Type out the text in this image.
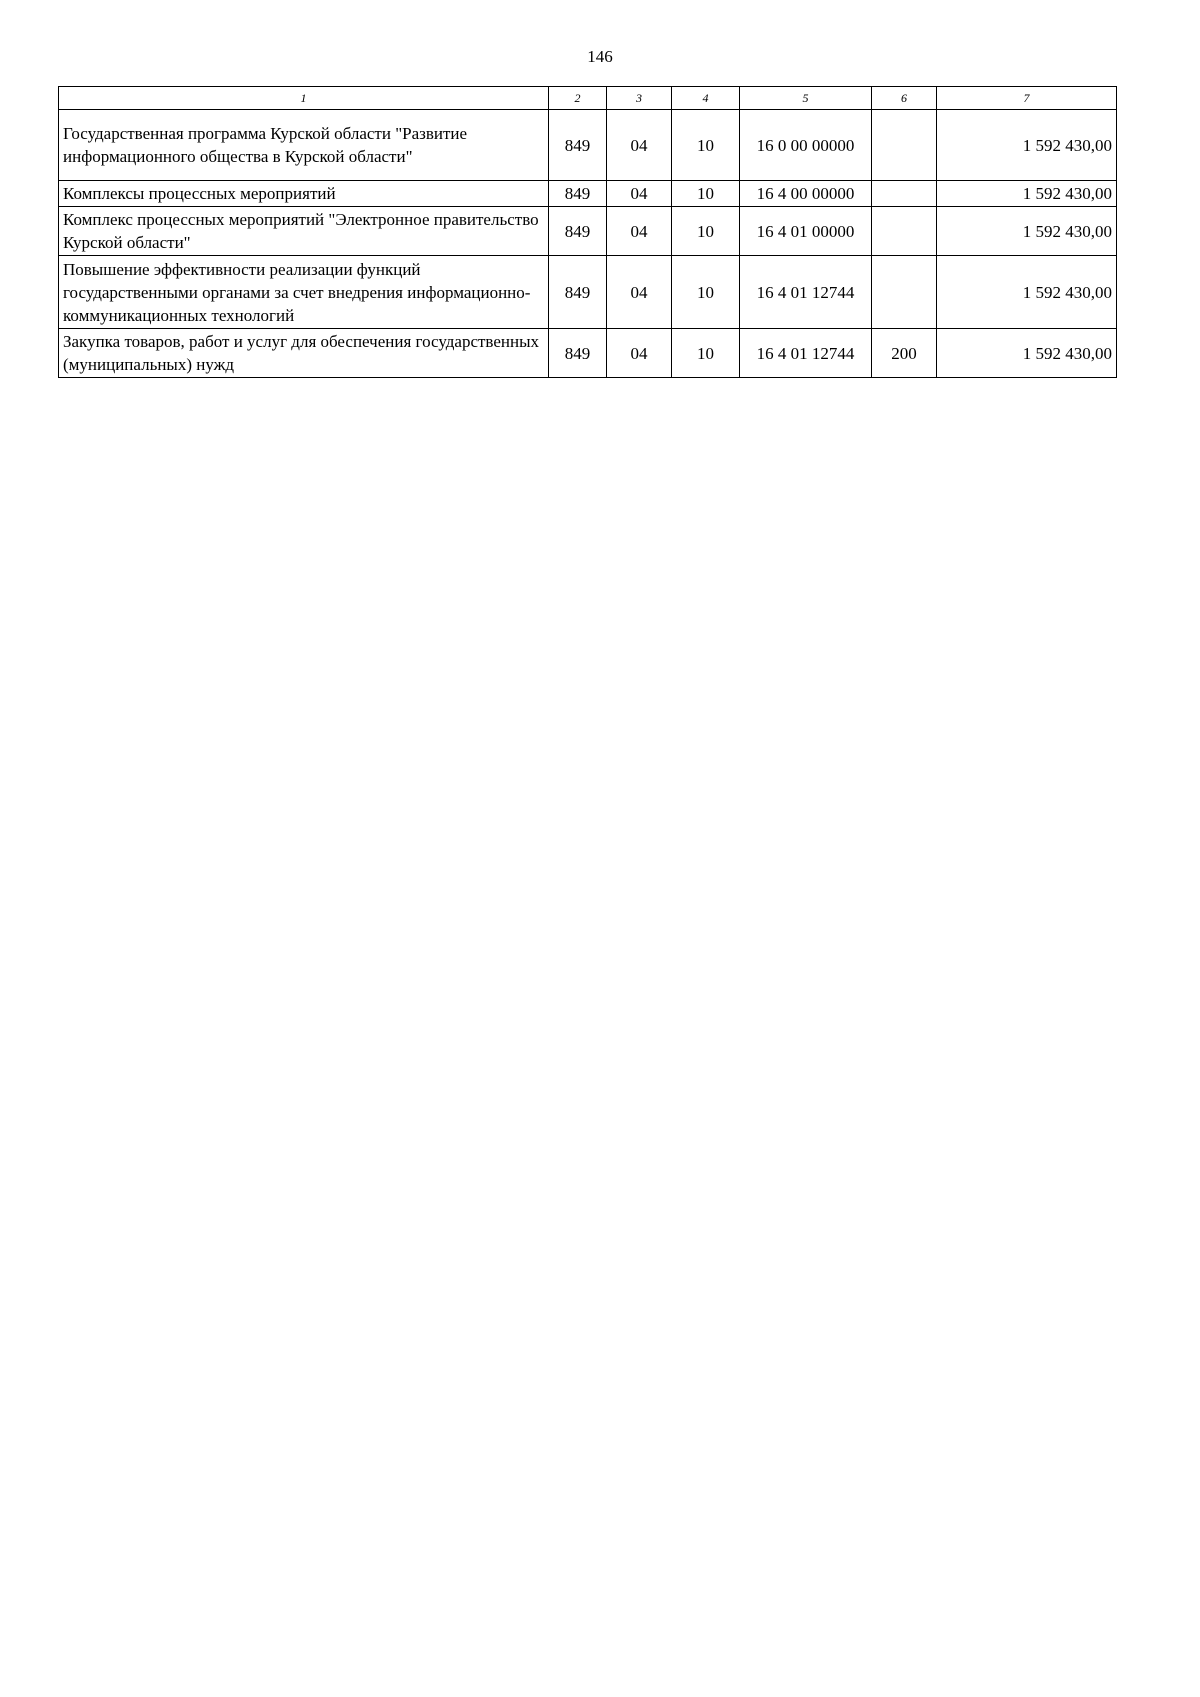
146
1	2	3	4	5	6	7
Государственная программа Курской области "Развитие информационного общества в Курской области"	849	04	10	16 0 00 00000		1 592 430,00
Комплексы процессных мероприятий	849	04	10	16 4 00 00000		1 592 430,00
Комплекс процессных мероприятий "Электронное правительство Курской области"	849	04	10	16 4 01 00000		1 592 430,00
Повышение эффективности реализации функций государственными органами за счет внедрения информационно-коммуникационных технологий	849	04	10	16 4 01 12744		1 592 430,00
Закупка товаров, работ и услуг для обеспечения государственных (муниципальных) нужд	849	04	10	16 4 01 12744	200	1 592 430,00
